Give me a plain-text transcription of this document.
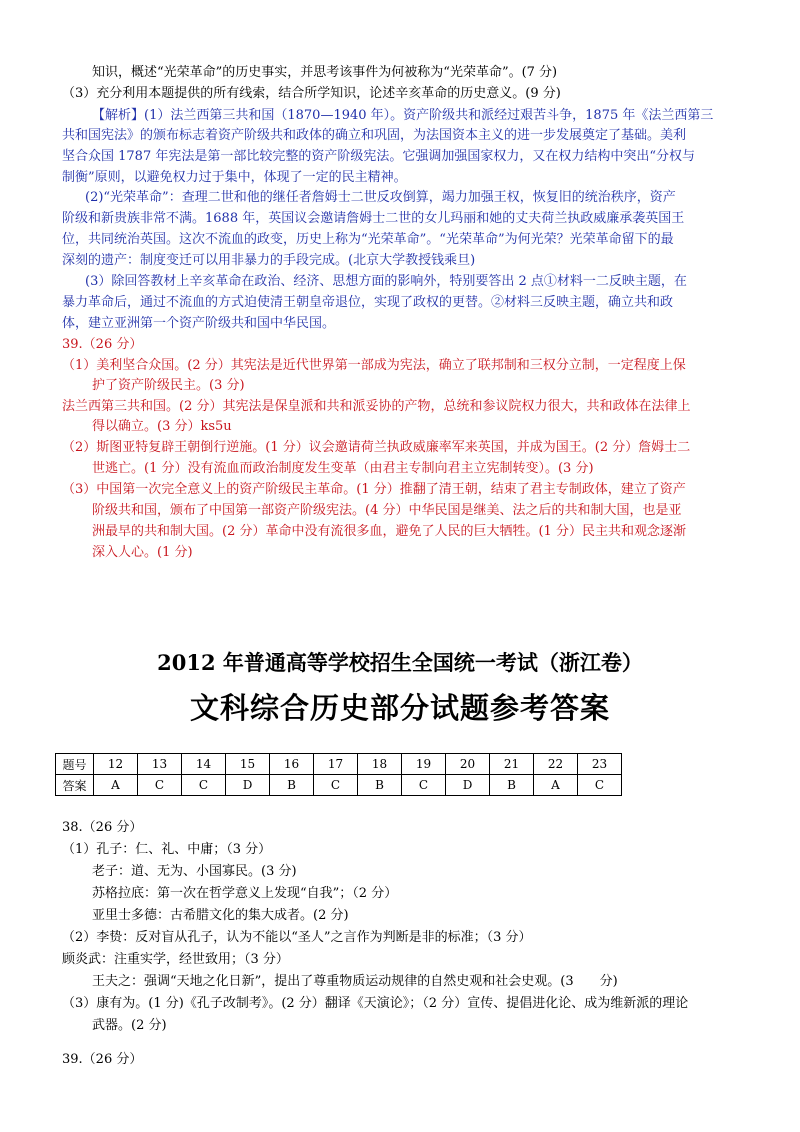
知识，概述“光荣革命”的历史事实，并思考该事件为何被称为“光荣革命”。(7 分)
（3）充分利用本题提供的所有线索，结合所学知识，论述辛亥革命的历史意义。(9 分)
【解析】(1）法兰西第三共和国（1870—1940 年）。资产阶级共和派经过艰苦斗争，1875 年《法兰西第三
共和国宪法》的颁布标志着资产阶级共和政体的确立和巩固，为法国资本主义的进一步发展奠定了基础。美利
坚合众国 1787 年宪法是第一部比较完整的资产阶级宪法。它强调加强国家权力，又在权力结构中突出“分权与
制衡”原则，以避免权力过于集中，体现了一定的民主精神。
(2)“光荣革命”：查理二世和他的继任者詹姆士二世反攻倒算，竭力加强王权，恢复旧的统治秩序，资产
阶级和新贵族非常不满。1688 年，英国议会邀请詹姆士二世的女儿玛丽和她的丈夫荷兰执政威廉承袭英国王
位，共同统治英国。这次不流血的政变，历史上称为“光荣革命”。“光荣革命”为何光荣？光荣革命留下的最
深刻的遗产：制度变迁可以用非暴力的手段完成。(北京大学教授钱乘旦)
(3）除回答教材上辛亥革命在政治、经济、思想方面的影响外，特别要答出 2 点①材料一二反映主题，在
暴力革命后，通过不流血的方式迫使清王朝皇帝退位，实现了政权的更替。②材料三反映主题，确立共和政
体，建立亚洲第一个资产阶级共和国中华民国。
39.（26 分）
（1）美利坚合众国。(2 分）其宪法是近代世界第一部成为宪法，确立了联邦制和三权分立制，一定程度上保
护了资产阶级民主。(3 分)
法兰西第三共和国。(2 分）其宪法是保皇派和共和派妥协的产物，总统和参议院权力很大，共和政体在法律上
得以确立。(3 分）ks5u
（2）斯图亚特复辟王朝倒行逆施。(1 分）议会邀请荷兰执政威廉率军来英国，并成为国王。(2 分）詹姆士二
世逃亡。(1 分）没有流血而政治制度发生变革（由君主专制向君主立宪制转变）。(3 分)
（3）中国第一次完全意义上的资产阶级民主革命。(1 分）推翻了清王朝，结束了君主专制政体，建立了资产
阶级共和国，颁布了中国第一部资产阶级宪法。(4 分）中华民国是继美、法之后的共和制大国，也是亚
洲最早的共和制大国。(2 分）革命中没有流很多血，避免了人民的巨大牺牲。(1 分）民主共和观念逐渐
深入人心。(1 分)
2012 年普通高等学校招生全国统一考试（浙江卷）
文科综合历史部分试题参考答案
题号	12	13	14	15	16	17	18	19	20	21	22	23
答案	A	C	C	D	B	C	B	C	D	B	A	C
38.（26 分）
（1）孔子：仁、礼、中庸；（3 分）
老子：道、无为、小国寡民。(3 分)
苏格拉底：第一次在哲学意义上发现“自我”；（2 分）
亚里士多德：古希腊文化的集大成者。(2 分)
（2）李贽：反对盲从孔子，认为不能以“圣人”之言作为判断是非的标准；（3 分）
顾炎武：注重实学，经世致用；（3 分）
王夫之：强调“天地之化日新”，提出了尊重物质运动规律的自然史观和社会史观。(3　　分)
（3）康有为。(1 分)《孔子改制考》。(2 分）翻译《天演论》；（2 分）宣传、提倡进化论、成为维新派的理论
武器。(2 分)
39.（26 分）
